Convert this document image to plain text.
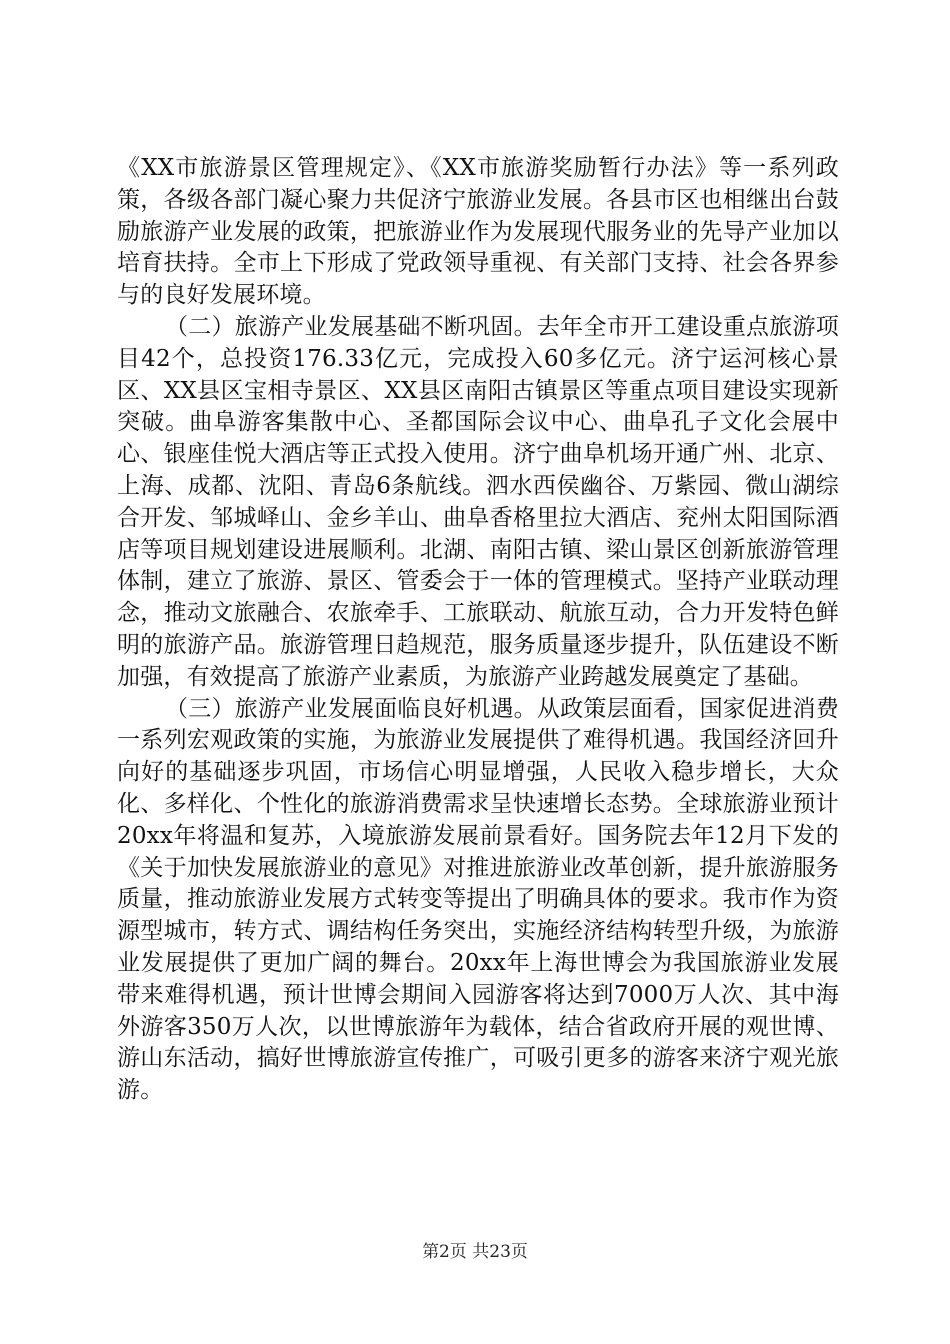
《XX市旅游景区管理规定》、《XX市旅游奖励暂行办法》等一系列政策，各级各部门凝心聚力共促济宁旅游业发展。各县市区也相继出台鼓励旅游产业发展的政策，把旅游业作为发展现代服务业的先导产业加以培育扶持。全市上下形成了党政领导重视、有关部门支持、社会各界参与的良好发展环境。

（二）旅游产业发展基础不断巩固。去年全市开工建设重点旅游项目42个，总投资176.33亿元，完成投入60多亿元。济宁运河核心景区、XX县区宝相寺景区、XX县区南阳古镇景区等重点项目建设实现新突破。曲阜游客集散中心、圣都国际会议中心、曲阜孔子文化会展中心、银座佳悦大酒店等正式投入使用。济宁曲阜机场开通广州、北京、上海、成都、沈阳、青岛6条航线。泗水西侯幽谷、万紫园、微山湖综合开发、邹城峄山、金乡羊山、曲阜香格里拉大酒店、兖州太阳国际酒店等项目规划建设进展顺利。北湖、南阳古镇、梁山景区创新旅游管理体制，建立了旅游、景区、管委会于一体的管理模式。坚持产业联动理念，推动文旅融合、农旅牵手、工旅联动、航旅互动，合力开发特色鲜明的旅游产品。旅游管理日趋规范，服务质量逐步提升，队伍建设不断加强，有效提高了旅游产业素质，为旅游产业跨越发展奠定了基础。

（三）旅游产业发展面临良好机遇。从政策层面看，国家促进消费一系列宏观政策的实施，为旅游业发展提供了难得机遇。我国经济回升向好的基础逐步巩固，市场信心明显增强，人民收入稳步增长，大众化、多样化、个性化的旅游消费需求呈快速增长态势。全球旅游业预计20xx年将温和复苏，入境旅游发展前景看好。国务院去年12月下发的《关于加快发展旅游业的意见》对推进旅游业改革创新，提升旅游服务质量，推动旅游业发展方式转变等提出了明确具体的要求。我市作为资源型城市，转方式、调结构任务突出，实施经济结构转型升级，为旅游业发展提供了更加广阔的舞台。20xx年上海世博会为我国旅游业发展带来难得机遇，预计世博会期间入园游客将达到7000万人次、其中海外游客350万人次，以世博旅游年为载体，结合省政府开展的观世博、游山东活动，搞好世博旅游宣传推广，可吸引更多的游客来济宁观光旅游。

第2页 共23页
